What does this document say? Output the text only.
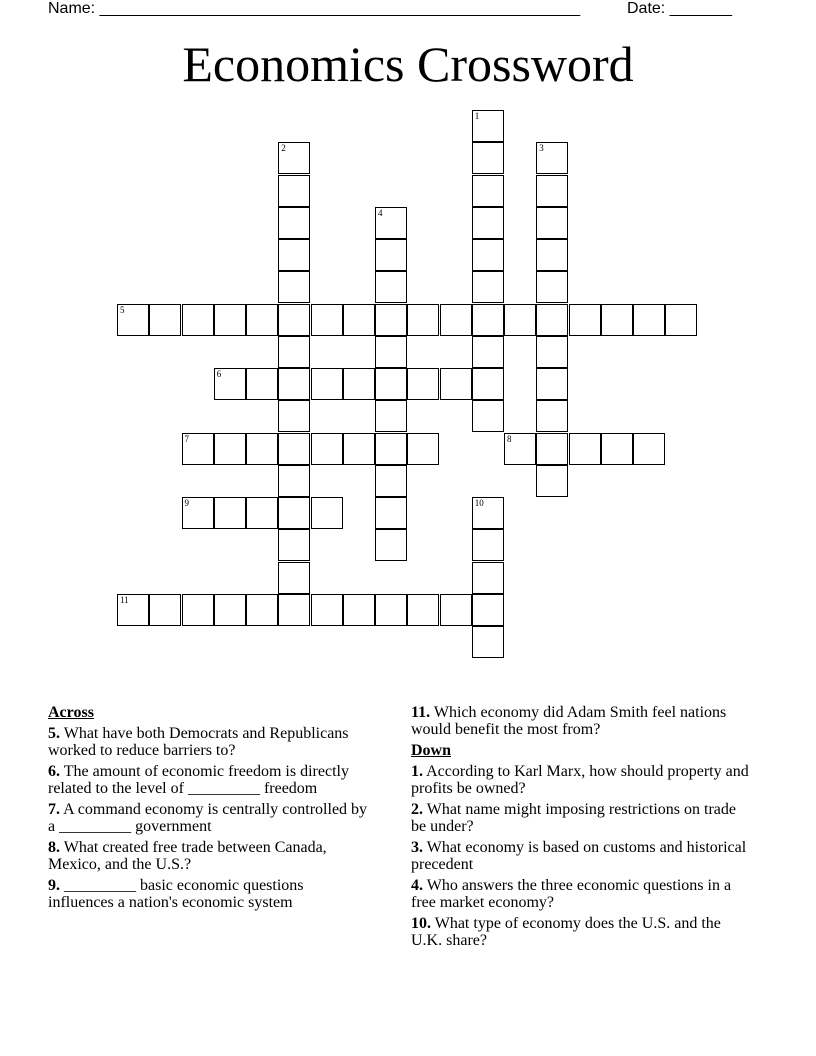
Name: ______________________________________________________	Date: _______
Economics Crossword
1
2	3
4
5
6
7	8
9	10
11
Across
5. What have both Democrats and Republicans worked to reduce barriers to?
6. The amount of economic freedom is directly related to the level of _________ freedom
7. A command economy is centrally controlled by a _________ government
8. What created free trade between Canada, Mexico, and the U.S.?
9. _________ basic economic questions influences a nation's economic system
11. Which economy did Adam Smith feel nations would benefit the most from?
Down
1. According to Karl Marx, how should property and profits be owned?
2. What name might imposing restrictions on trade be under?
3. What economy is based on customs and historical precedent
4. Who answers the three economic questions in a free market economy?
10. What type of economy does the U.S. and the U.K. share?
